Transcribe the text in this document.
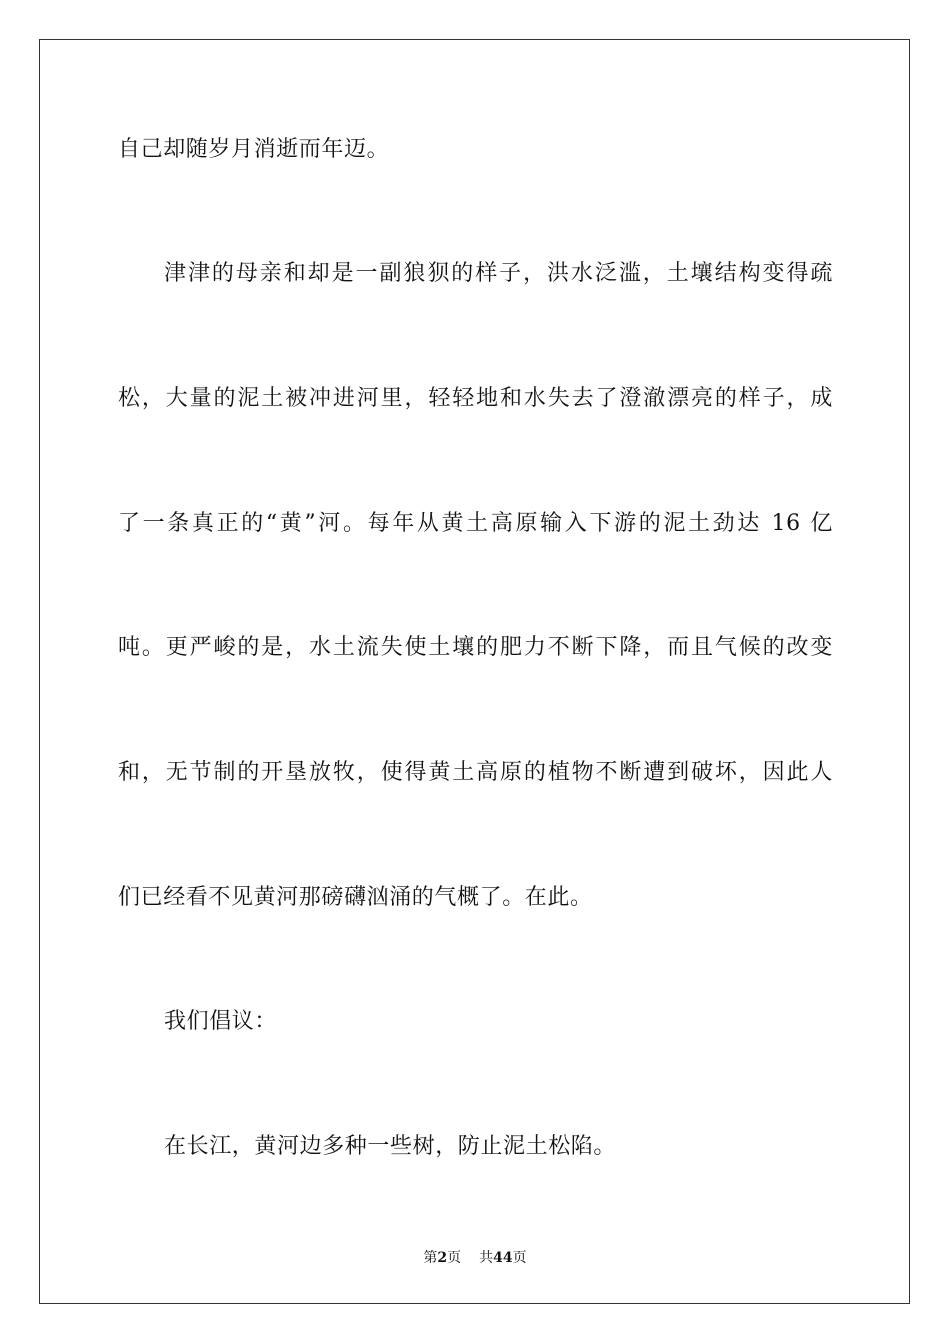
自己却随岁月消逝而年迈。
津津的母亲和却是一副狼狈的样子，洪水泛滥，土壤结构变得疏
松，大量的泥土被冲进河里，轻轻地和水失去了澄澈漂亮的样子，成
了一条真正的“黄”河。每年从黄土高原输入下游的泥土劲达 16 亿
吨。更严峻的是，水土流失使土壤的肥力不断下降，而且气候的改变
和，无节制的开垦放牧，使得黄土高原的植物不断遭到破坏，因此人
们已经看不见黄河那磅礴汹涌的气概了。在此。
我们倡议：
在长江，黄河边多种一些树，防止泥土松陷。
第2页 共44页
